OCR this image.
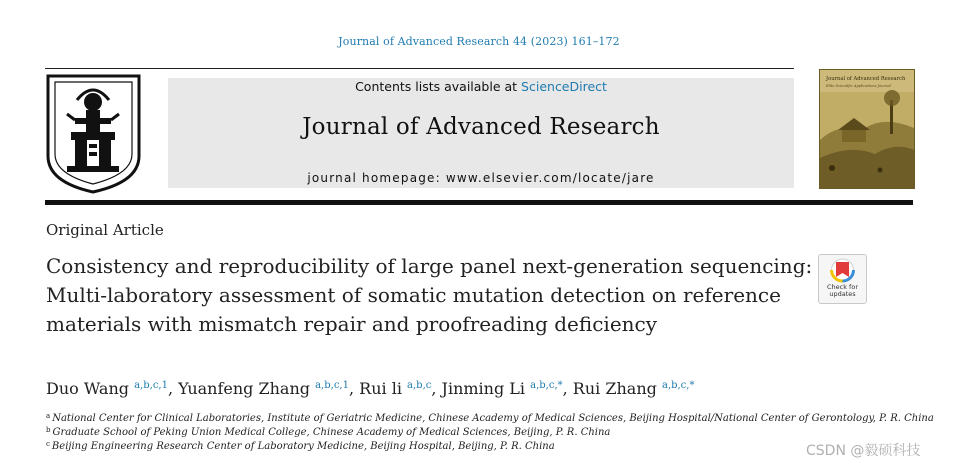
Journal of Advanced Research 44 (2023) 161–172
Contents lists available at ScienceDirect
Journal of Advanced Research
journal homepage: www.elsevier.com/locate/jare
Journal of Advanced Research
Elite Scientific Applications Journal
Original Article
Consistency and reproducibility of large panel next-generation sequencing: Multi-laboratory assessment of somatic mutation detection on reference materials with mismatch repair and proofreading deficiency
Check for updates
Duo Wang $^{a,b,c,1}$, Yuanfeng Zhang $^{a,b,c,1}$, Rui li $^{a,b,c}$, Jinming Li $^{a,b,c,*}$, Rui Zhang $^{a,b,c,*}$
$^a$ National Center for Clinical Laboratories, Institute of Geriatric Medicine, Chinese Academy of Medical Sciences, Beijing Hospital/National Center of Gerontology, P. R. China
$^b$ Graduate School of Peking Union Medical College, Chinese Academy of Medical Sciences, Beijing, P. R. China
$^c$ Beijing Engineering Research Center of Laboratory Medicine, Beijing Hospital, Beijing, P. R. China	CSDN @毅硕科技
